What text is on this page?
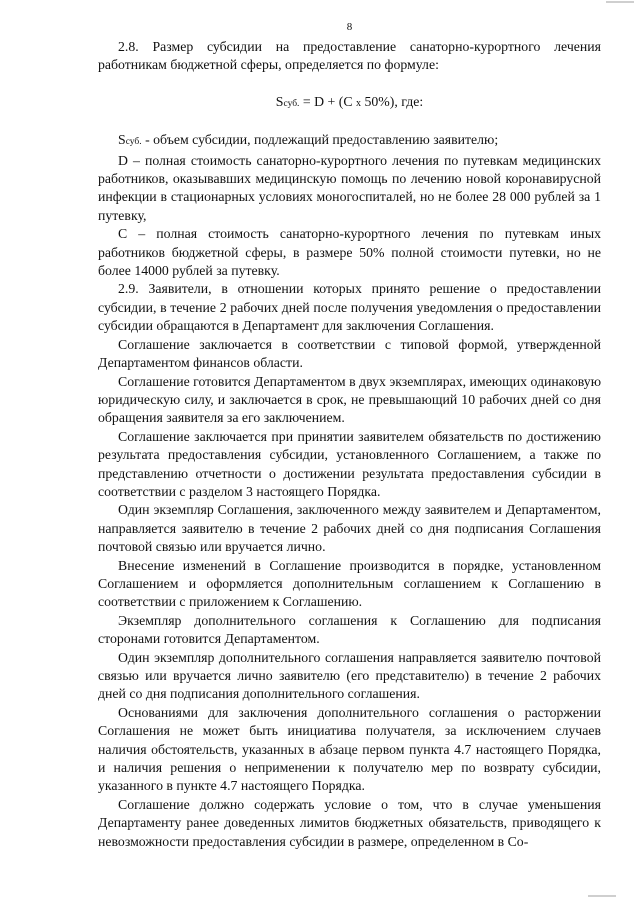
8

2.8. Размер субсидии на предоставление санаторно-курортного лечения работникам бюджетной сферы, определяется по формуле:

Sсуб. = D + (C x 50%), где:

Sсуб. - объем субсидии, подлежащий предоставлению заявителю;

D – полная стоимость санаторно-курортного лечения по путевкам медицинских работников, оказывавших медицинскую помощь по лечению новой коронавирусной инфекции в стационарных условиях моногоспиталей, но не более 28 000 рублей за 1 путевку,

С – полная стоимость санаторно-курортного лечения по путевкам иных работников бюджетной сферы, в размере 50% полной стоимости путевки, но не более 14000 рублей за путевку.

2.9. Заявители, в отношении которых принято решение о предоставлении субсидии, в течение 2 рабочих дней после получения уведомления о предоставлении субсидии обращаются в Департамент для заключения Соглашения.

Соглашение заключается в соответствии с типовой формой, утвержденной Департаментом финансов области.

Соглашение готовится Департаментом в двух экземплярах, имеющих одинаковую юридическую силу, и заключается в срок, не превышающий 10 рабочих дней со дня обращения заявителя за его заключением.

Соглашение заключается при принятии заявителем обязательств по достижению результата предоставления субсидии, установленного Соглашением, а также по представлению отчетности о достижении результата предоставления субсидии в соответствии с разделом 3 настоящего Порядка.

Один экземпляр Соглашения, заключенного между заявителем и Департаментом, направляется заявителю в течение 2 рабочих дней со дня подписания Соглашения почтовой связью или вручается лично.

Внесение изменений в Соглашение производится в порядке, установленном Соглашением и оформляется дополнительным соглашением к Соглашению в соответствии с приложением к Соглашению.

Экземпляр дополнительного соглашения к Соглашению для подписания сторонами готовится Департаментом.

Один экземпляр дополнительного соглашения направляется заявителю почтовой связью или вручается лично заявителю (его представителю) в течение 2 рабочих дней со дня подписания дополнительного соглашения.

Основаниями для заключения дополнительного соглашения о расторжении Соглашения не может быть инициатива получателя, за исключением случаев наличия обстоятельств, указанных в абзаце первом пункта 4.7 настоящего Порядка, и наличия решения о неприменении к получателю мер по возврату субсидии, указанного в пункте 4.7 настоящего Порядка.

Соглашение должно содержать условие о том, что в случае уменьшения Департаменту ранее доведенных лимитов бюджетных обязательств, приводящего к невозможности предоставления субсидии в размере, определенном в Со-
